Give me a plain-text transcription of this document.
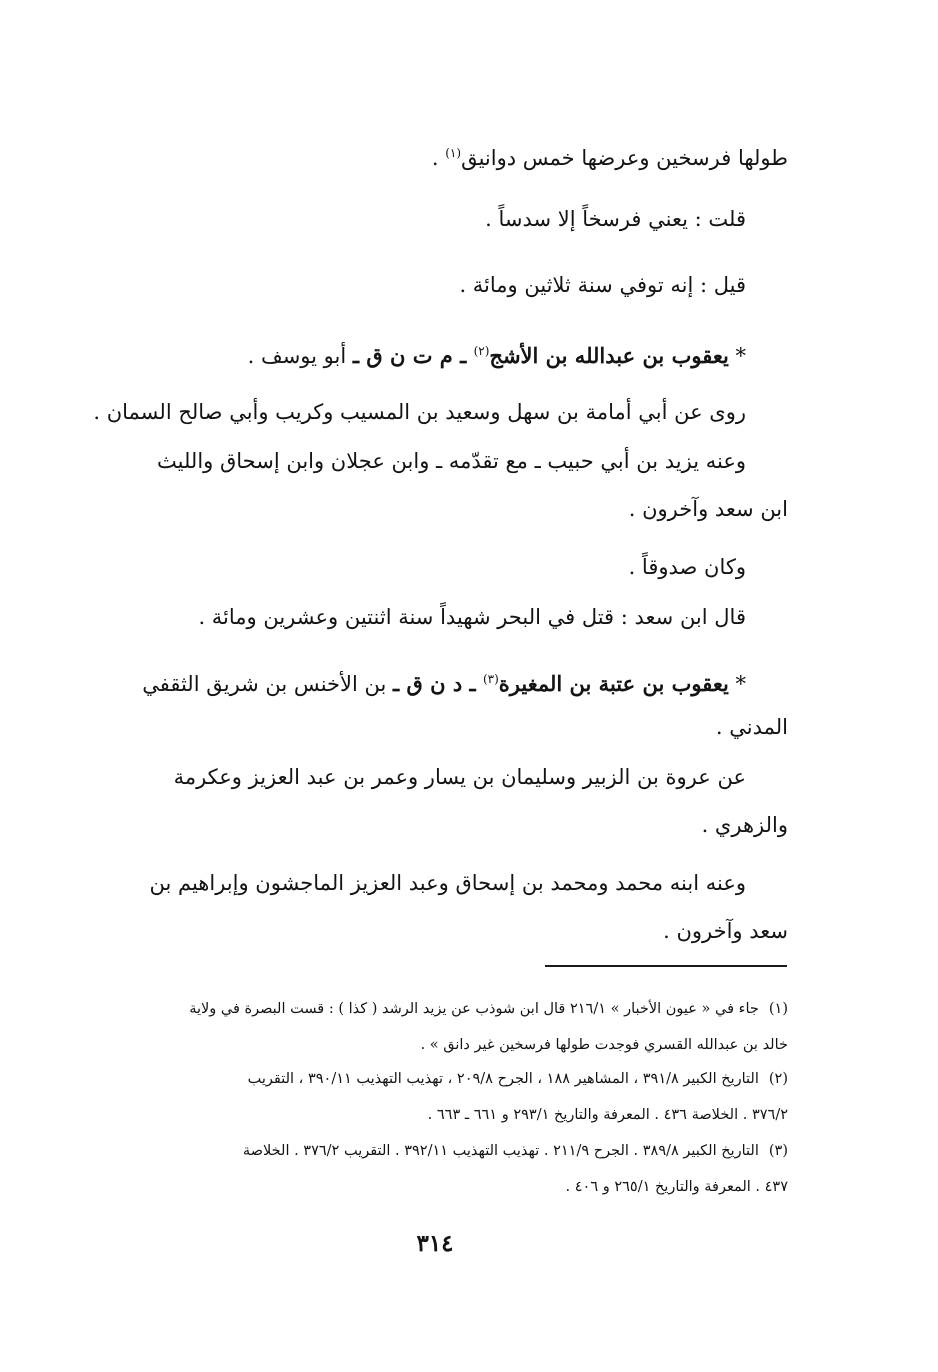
طولها فرسخين وعرضها خمس دوانيق$^{(١)}$ .
قلت : يعني فرسخاً إلا سدساً .
قيل : إنه توفي سنة ثلاثين ومائة .
* يعقوب بن عبدالله بن الأشج$^{(٢)}$ ـ م ت ن ق ـ أبو يوسف .
روى عن أبي أمامة بن سهل وسعيد بن المسيب وكريب وأبي صالح السمان .
وعنه يزيد بن أبي حبيب ـ مع تقدّمه ـ وابن عجلان وابن إسحاق والليث
ابن سعد وآخرون .
وكان صدوقاً .
قال ابن سعد : قتل في البحر شهيداً سنة اثنتين وعشرين ومائة .
* يعقوب بن عتبة بن المغيرة$^{(٣)}$ ـ د ن ق ـ بن الأخنس بن شريق الثقفي
المدني .
عن عروة بن الزبير وسليمان بن يسار وعمر بن عبد العزيز وعكرمة
والزهري .
وعنه ابنه محمد ومحمد بن إسحاق وعبد العزيز الماجشون وإبراهيم بن
سعد وآخرون .
(١)جاء في « عيون الأخبار » ٢١٦/١ قال ابن شوذب عن يزيد الرشد ( كذا ) : قست البصرة في ولاية
خالد بن عبدالله القسري فوجدت طولها فرسخين غير دانق » .
(٢)التاريخ الكبير ٣٩١/٨ ، المشاهير ١٨٨ ، الجرح ٢٠٩/٨ ، تهذيب التهذيب ٣٩٠/١١ ، التقريب
٣٧٦/٢ . الخلاصة ٤٣٦ . المعرفة والتاريخ ٢٩٣/١ و ٦٦١ ـ ٦٦٣ .
(٣)التاريخ الكبير ٣٨٩/٨ . الجرح ٢١١/٩ . تهذيب التهذيب ٣٩٢/١١ . التقريب ٣٧٦/٢ . الخلاصة
٤٣٧ . المعرفة والتاريخ ٢٦٥/١ و ٤٠٦ .
٣١٤
